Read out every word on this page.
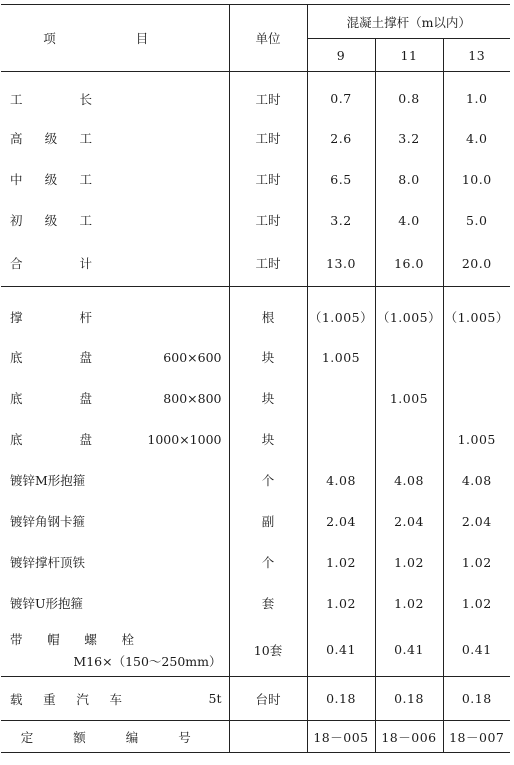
项 目	单位	混凝土撑杆（m以内）		
		9	11	13

工 长	工时	0.7	0.8	1.0

高 级 工	工时	2.6	3.2	4.0

中 级 工	工时	6.5	8.0	10.0

初 级 工	工时	3.2	4.0	5.0

合 计	工时	13.0	16.0	20.0

撑 杆	根	（1.005）	（1.005）	（1.005）

底 盘 600×600	块	1.005		

底 盘 800×800	块		1.005	

底 盘 1000×1000	块			1.005

镀锌M形抱箍	个	4.08	4.08	4.08

镀锌角钢卡箍	副	2.04	2.04	2.04

镀锌撑杆顶铁	个	1.02	1.02	1.02

镀锌U形抱箍	套	1.02	1.02	1.02

带 帽 螺 栓
M16×（150～250mm）	10套	0.41	0.41	0.41

载 重 汽 车 5t	台时	0.18	0.18	0.18
定 额 编 号		18－005	18－006	18－007
